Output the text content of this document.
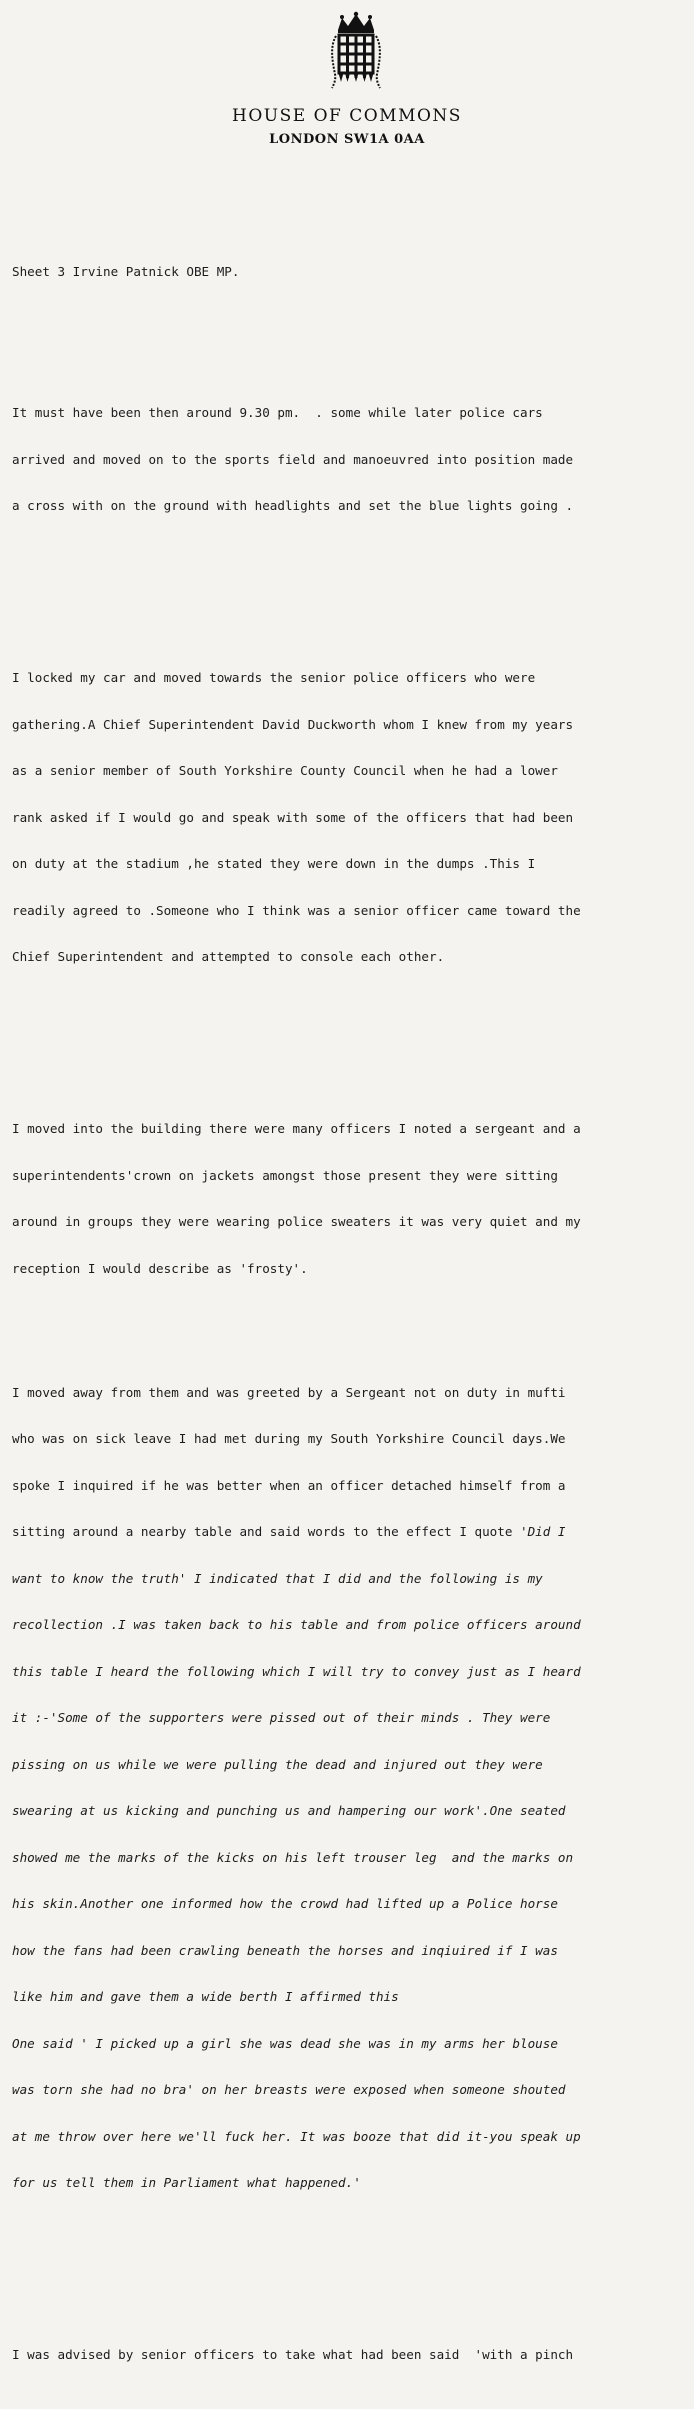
HOUSE OF COMMONS
LONDON SW1A 0AA

Sheet 3 Irvine Patnick OBE MP.

It must have been then around 9.30 pm.  . some while later police cars

arrived and moved on to the sports field and manoeuvred into position made

a cross with on the ground with headlights and set the blue lights going .

I locked my car and moved towards the senior police officers who were

gathering.A Chief Superintendent David Duckworth whom I knew from my years

as a senior member of South Yorkshire County Council when he had a lower

rank asked if I would go and speak with some of the officers that had been

on duty at the stadium ,he stated they were down in the dumps .This I

readily agreed to .Someone who I think was a senior officer came toward the

Chief Superintendent and attempted to console each other.

I moved into the building there were many officers I noted a sergeant and a

superintendents'crown on jackets amongst those present they were sitting

around in groups they were wearing police sweaters it was very quiet and my

reception I would describe as 'frosty'.

I moved away from them and was greeted by a Sergeant not on duty in mufti

who was on sick leave I had met during my South Yorkshire Council days.We

spoke I inquired if he was better when an officer detached himself from a

sitting around a nearby table and said words to the effect I quote 'Did I

want to know the truth' I indicated that I did and the following is my

recollection .I was taken back to his table and from police officers around

this table I heard the following which I will try to convey just as I heard

it :-'Some of the supporters were pissed out of their minds . They were

pissing on us while we were pulling the dead and injured out they were

swearing at us kicking and punching us and hampering our work'.One seated

showed me the marks of the kicks on his left trouser leg  and the marks on

his skin.Another one informed how the crowd had lifted up a Police horse

how the fans had been crawling beneath the horses and inqiuired if I was

like him and gave them a wide berth I affirmed this

One said ' I picked up a girl she was dead she was in my arms her blouse

was torn she had no bra' on her breasts were exposed when someone shouted

at me throw over here we'll fuck her. It was booze that did it-you speak up

for us tell them in Parliament what happened.'

I was advised by senior officers to take what had been said  'with a pinch
